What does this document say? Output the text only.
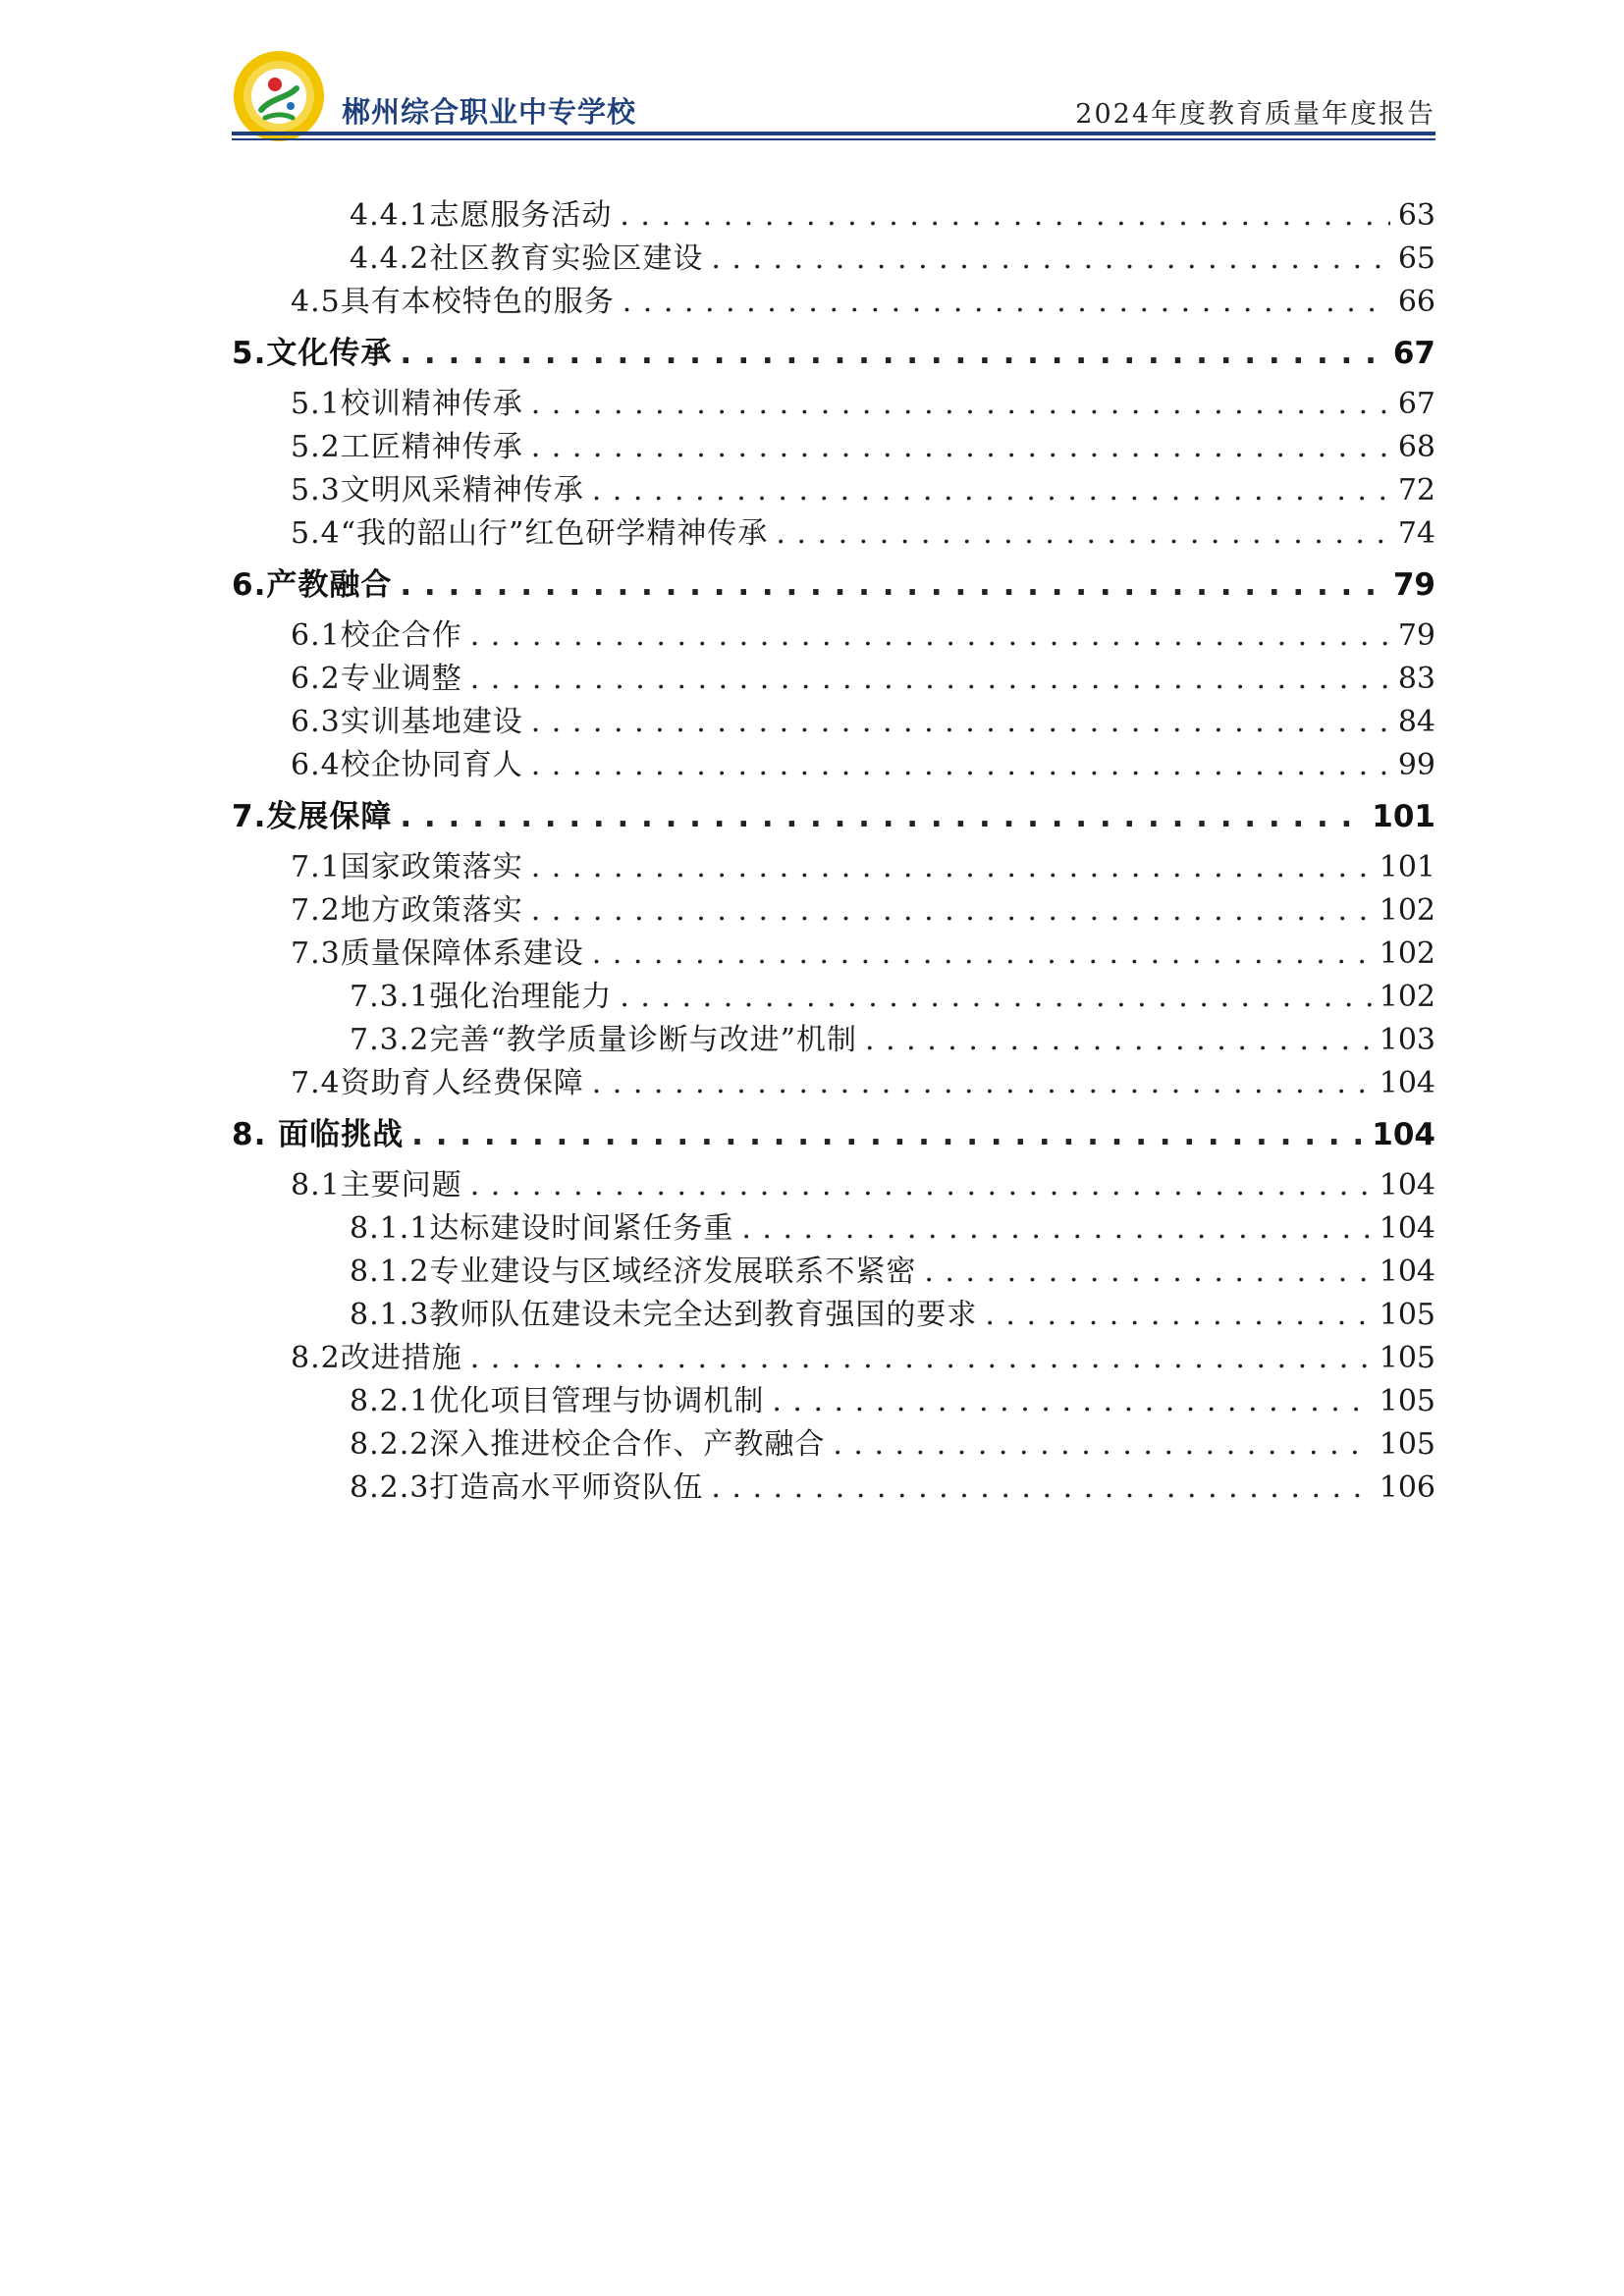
郴州综合职业中专学校	2024年度教育质量年度报告
4.4.1志愿服务活动 . . .	63
4.4.2社区教育实验区建设 . . .	65
4.5具有本校特色的服务 . . .	66
5.文化传承 . . .	67
5.1校训精神传承 . . .	67
5.2工匠精神传承 . . .	68
5.3文明风采精神传承 . . .	72
5.4“我的韶山行”红色研学精神传承 . . .	74
6.产教融合 . . .	79
6.1校企合作 . . .	79
6.2专业调整 . . .	83
6.3实训基地建设 . . .	84
6.4校企协同育人 . . .	99
7.发展保障 . . .	101
7.1国家政策落实 . . .	101
7.2地方政策落实 . . .	102
7.3质量保障体系建设 . . .	102
7.3.1强化治理能力 . . .	102
7.3.2完善“教学质量诊断与改进”机制 . . .	103
7.4资助育人经费保障 . . .	104
8. 面临挑战 . . .	104
8.1主要问题 . . .	104
8.1.1达标建设时间紧任务重 . . .	104
8.1.2专业建设与区域经济发展联系不紧密 . . .	104
8.1.3教师队伍建设未完全达到教育强国的要求 . . .	105
8.2改进措施 . . .	105
8.2.1优化项目管理与协调机制 . . .	105
8.2.2深入推进校企合作、产教融合 . . .	105
8.2.3打造高水平师资队伍 . . .	106
